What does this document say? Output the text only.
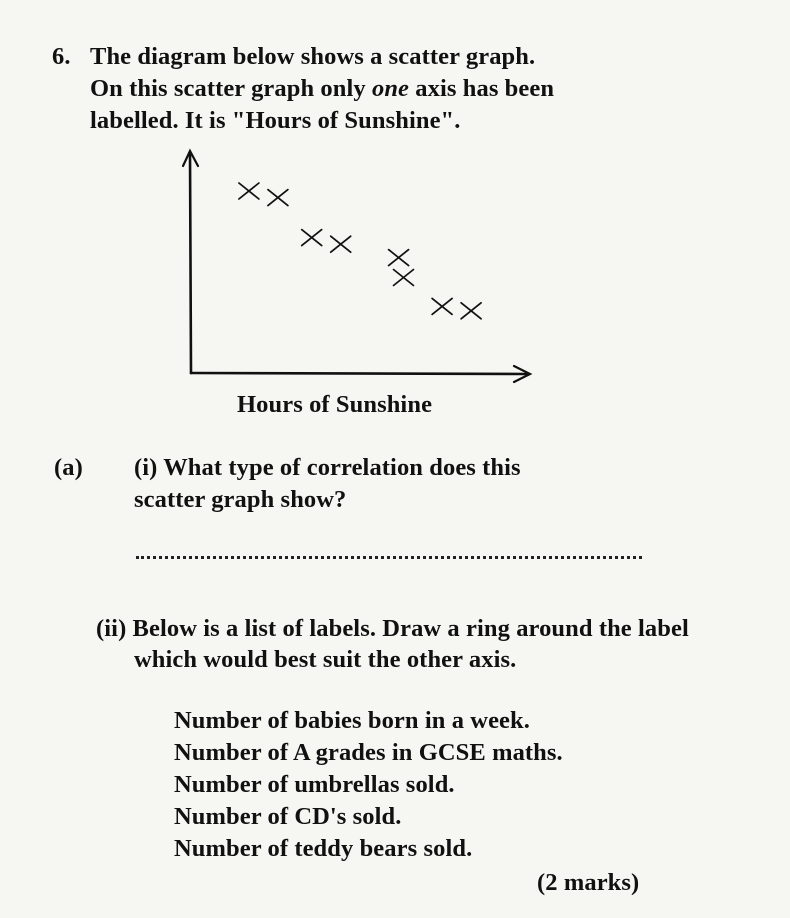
6. The diagram below shows a scatter graph.
On this scatter graph only one axis has been
labelled. It is "Hours of Sunshine".
Hours of Sunshine
(a) (i) What type of correlation does this
scatter graph show?
(ii) Below is a list of labels. Draw a ring around the label
which would best suit the other axis.
Number of babies born in a week.
Number of A grades in GCSE maths.
Number of umbrellas sold.
Number of CD's sold.
Number of teddy bears sold.
(2 marks)
